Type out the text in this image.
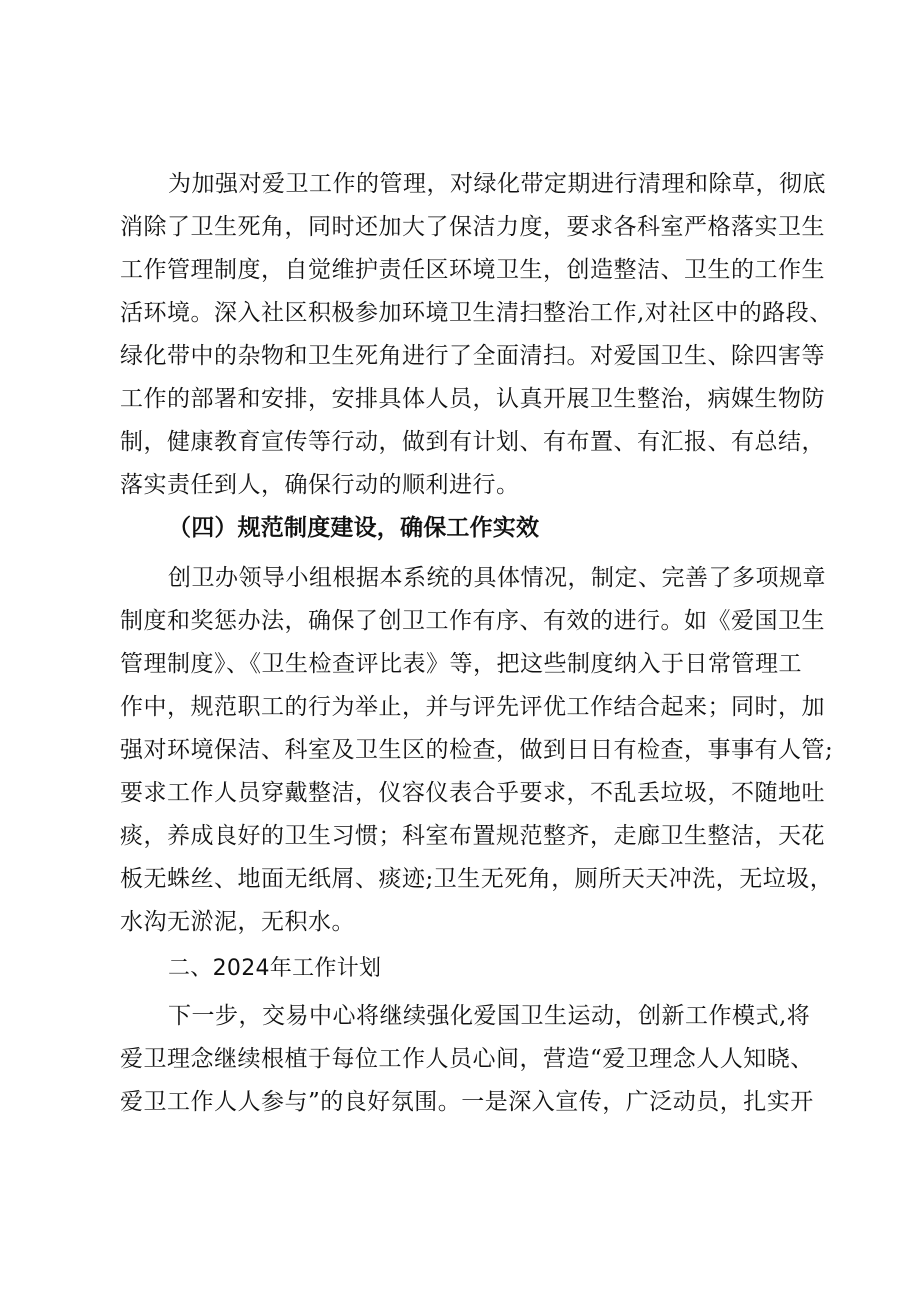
为加强对爱卫工作的管理，对绿化带定期进行清理和除草，彻底
消除了卫生死角，同时还加大了保洁力度，要求各科室严格落实卫生
工作管理制度，自觉维护责任区环境卫生，创造整洁、卫生的工作生
活环境。深入社区积极参加环境卫生清扫整治工作,对社区中的路段、
绿化带中的杂物和卫生死角进行了全面清扫。对爱国卫生、除四害等
工作的部署和安排，安排具体人员，认真开展卫生整治，病媒生物防
制，健康教育宣传等行动，做到有计划、有布置、有汇报、有总结，
落实责任到人，确保行动的顺利进行。
（四）规范制度建设，确保工作实效
创卫办领导小组根据本系统的具体情况，制定、完善了多项规章
制度和奖惩办法，确保了创卫工作有序、有效的进行。如《爱国卫生
管理制度》、《卫生检查评比表》等，把这些制度纳入于日常管理工
作中，规范职工的行为举止，并与评先评优工作结合起来；同时，加
强对环境保洁、科室及卫生区的检查，做到日日有检查，事事有人管;
要求工作人员穿戴整洁，仪容仪表合乎要求，不乱丢垃圾，不随地吐
痰，养成良好的卫生习惯；科室布置规范整齐，走廊卫生整洁，天花
板无蛛丝、地面无纸屑、痰迹;卫生无死角，厕所天天冲洗，无垃圾，
水沟无淤泥，无积水。
二、2024年工作计划
下一步，交易中心将继续强化爱国卫生运动，创新工作模式,将
爱卫理念继续根植于每位工作人员心间，营造“爱卫理念人人知晓、
爱卫工作人人参与”的良好氛围。一是深入宣传，广泛动员，扎实开
